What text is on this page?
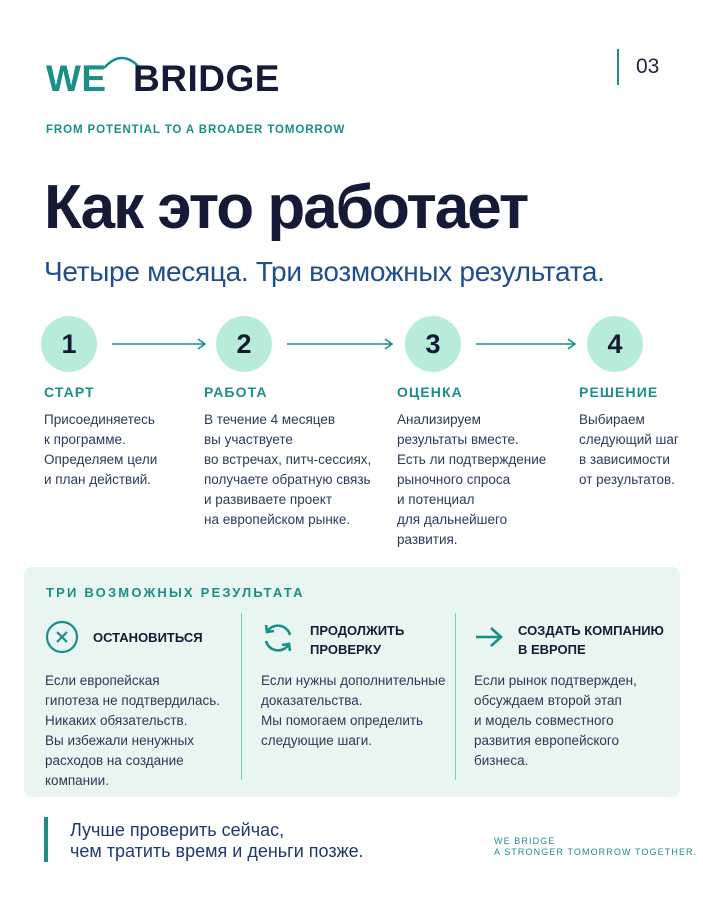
WE BRIDGE	03
FROM POTENTIAL TO A BROADER TOMORROW
Как это работает
Четыре месяца. Три возможных результата.
1	2	3	4
СТАРТ	РАБОТА	ОЦЕНКА	РЕШЕНИЕ
Присоединяетесь
к программе.
Определяем цели
и план действий.
В течение 4 месяцев
вы участвуете
во встречах, питч-сессиях,
получаете обратную связь
и развиваете проект
на европейском рынке.
Анализируем
результаты вместе.
Есть ли подтверждение
рыночного спроса
и потенциал
для дальнейшего
развития.
Выбираем
следующий шаг
в зависимости
от результатов.
ТРИ ВОЗМОЖНЫХ РЕЗУЛЬТАТА
ОСТАНОВИТЬСЯ
Если европейская
гипотеза не подтвердилась.
Никаких обязательств.
Вы избежали ненужных
расходов на создание
компании.
ПРОДОЛЖИТЬ
ПРОВЕРКУ
Если нужны дополнительные
доказательства.
Мы помогаем определить
следующие шаги.
СОЗДАТЬ КОМПАНИЮ
В ЕВРОПЕ
Если рынок подтвержден,
обсуждаем второй этап
и модель совместного
развития европейского
бизнеса.
Лучше проверить сейчас,
чем тратить время и деньги позже.	WE BRIDGE
A STRONGER TOMORROW TOGETHER.
